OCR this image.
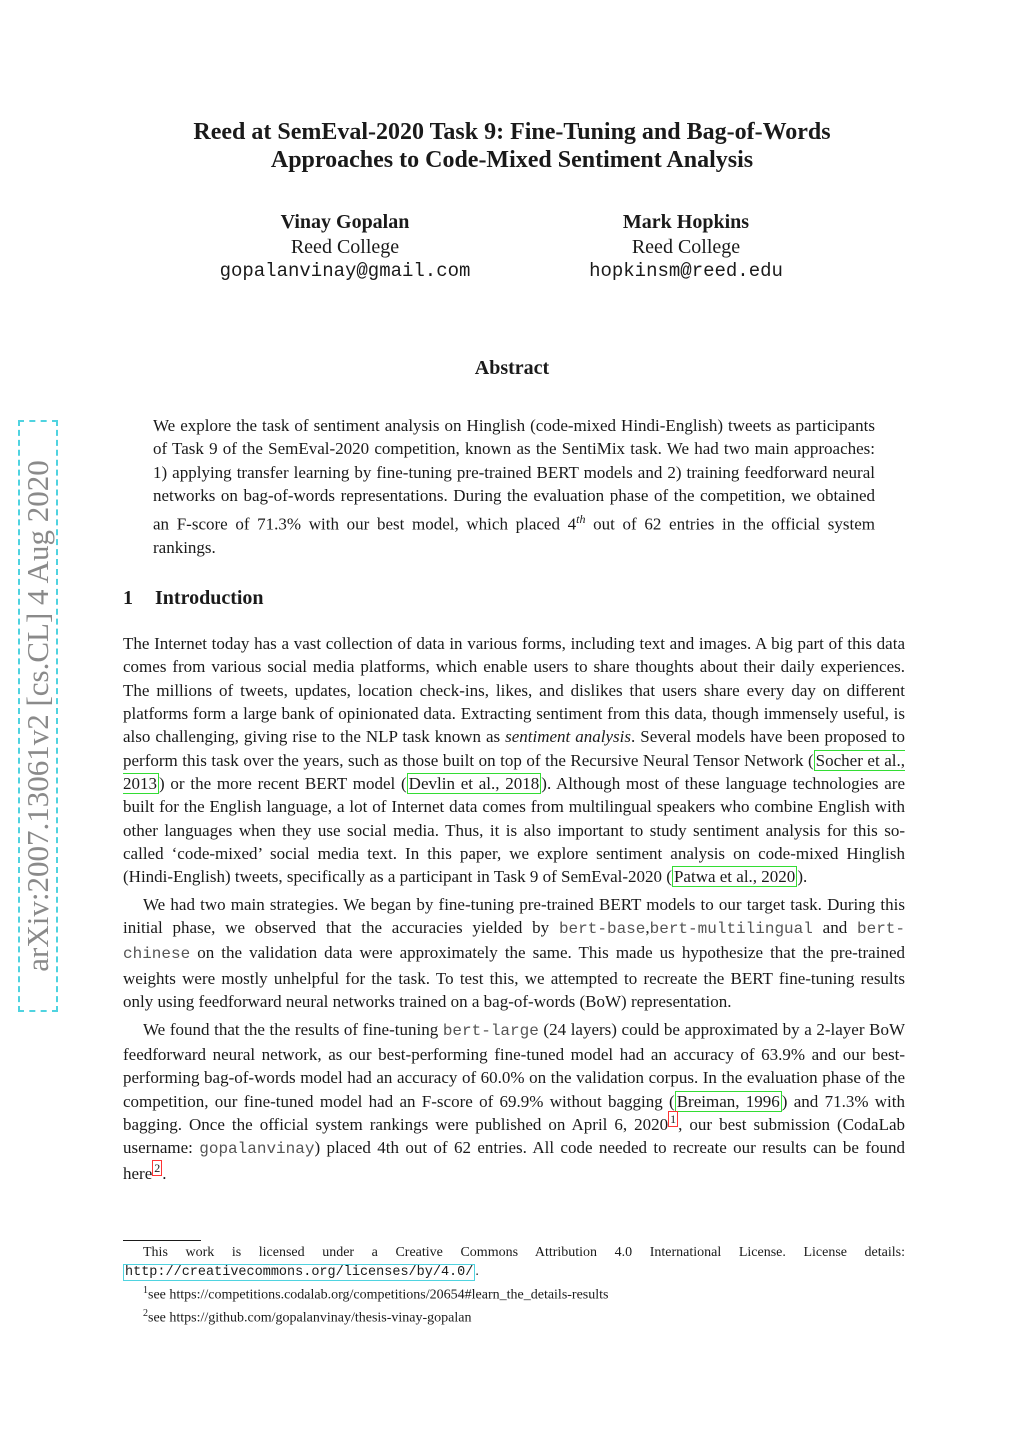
arXiv:2007.13061v2 [cs.CL] 4 Aug 2020
Reed at SemEval-2020 Task 9: Fine-Tuning and Bag-of-Words
Approaches to Code-Mixed Sentiment Analysis
Vinay Gopalan
Reed College
gopalanvinay@gmail.com
Mark Hopkins
Reed College
hopkinsm@reed.edu
Abstract

We explore the task of sentiment analysis on Hinglish (code-mixed Hindi-English) tweets as participants of Task 9 of the SemEval-2020 competition, known as the SentiMix task. We had two main approaches: 1) applying transfer learning by fine-tuning pre-trained BERT models and 2) training feedforward neural networks on bag-of-words representations. During the evaluation phase of the competition, we obtained an F-score of 71.3% with our best model, which placed 4th out of 62 entries in the official system rankings.

1 Introduction

The Internet today has a vast collection of data in various forms, including text and images. A big part of this data comes from various social media platforms, which enable users to share thoughts about their daily experiences. The millions of tweets, updates, location check-ins, likes, and dislikes that users share every day on different platforms form a large bank of opinionated data. Extracting sentiment from this data, though immensely useful, is also challenging, giving rise to the NLP task known as sentiment analysis. Several models have been proposed to perform this task over the years, such as those built on top of the Recursive Neural Tensor Network ( Socher et al., 2013 ) or the more recent BERT model ( Devlin et al., 2018 ). Although most of these language technologies are built for the English language, a lot of Internet data comes from multilingual speakers who combine English with other languages when they use social media. Thus, it is also important to study sentiment analysis for this so-called ‘code-mixed’ social media text. In this paper, we explore sentiment analysis on code-mixed Hinglish (Hindi-English) tweets, specifically as a participant in Task 9 of SemEval-2020 ( Patwa et al., 2020 ).

We had two main strategies. We began by fine-tuning pre-trained BERT models to our target task. During this initial phase, we observed that the accuracies yielded by bert-base,bert-multilingual and bert-chinese on the validation data were approximately the same. This made us hypothesize that the pre-trained weights were mostly unhelpful for the task. To test this, we attempted to recreate the BERT fine-tuning results only using feedforward neural networks trained on a bag-of-words (BoW) representation.

We found that the the results of fine-tuning bert-large (24 layers) could be approximated by a 2-layer BoW feedforward neural network, as our best-performing fine-tuned model had an accuracy of 63.9% and our best-performing bag-of-words model had an accuracy of 60.0% on the validation corpus. In the evaluation phase of the competition, our fine-tuned model had an F-score of 69.9% without bagging ( Breiman, 1996 ) and 71.3% with bagging. Once the official system rankings were published on April 6, 2020 $^1$ , our best submission (CodaLab username: gopalanvinay) placed 4th out of 62 entries. All code needed to recreate our results can be found here $^2$ .

This work is licensed under a Creative Commons Attribution 4.0 International License. License details: http://creativecommons.org/licenses/by/4.0/ .

$^1$see https://competitions.codalab.org/competitions/20654#learn_the_details-results

$^2$see https://github.com/gopalanvinay/thesis-vinay-gopalan
